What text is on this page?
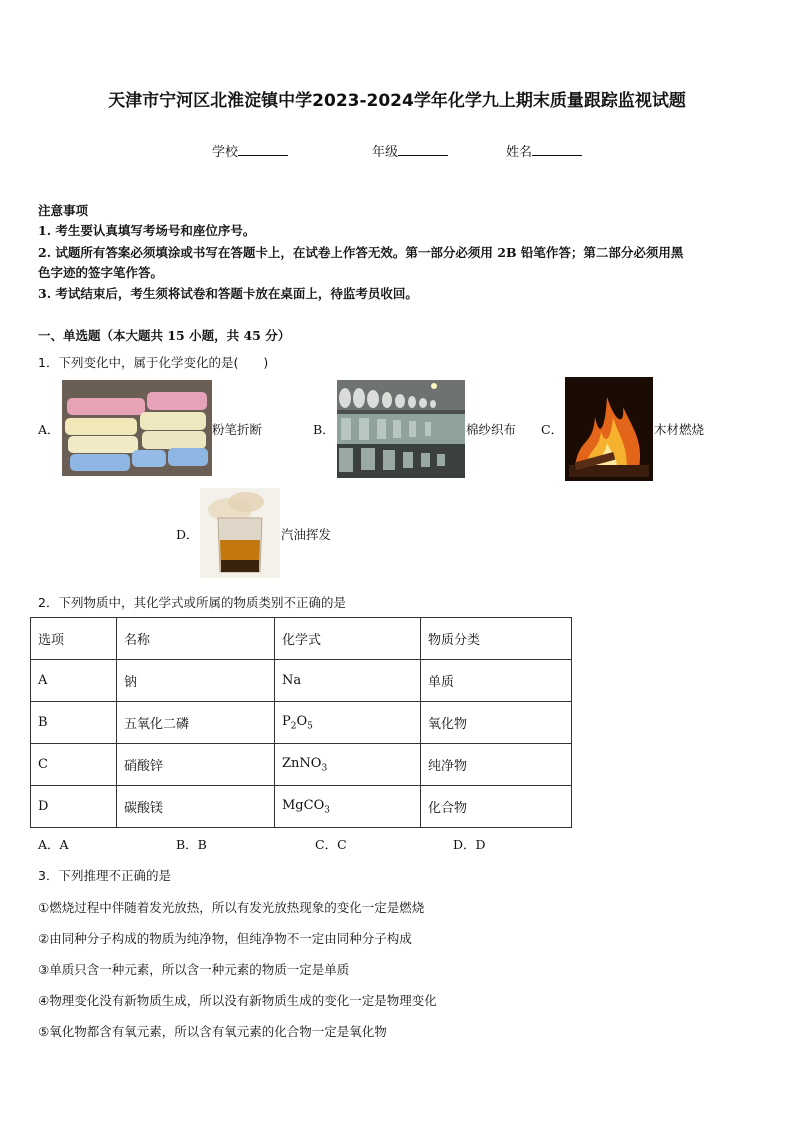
天津市宁河区北淮淀镇中学2023-2024学年化学九上期末质量跟踪监视试题
学校	年级	姓名
注意事项
1. 考生要认真填写考场号和座位序号。
2. 试题所有答案必须填涂或书写在答题卡上，在试卷上作答无效。第一部分必须用 2B 铅笔作答；第二部分必须用黑
色字迹的签字笔作答。
3. 考试结束后，考生须将试卷和答题卡放在桌面上，待监考员收回。
一、单选题（本大题共 15 小题，共 45 分）
1．下列变化中，属于化学变化的是(　　)
A．	粉笔折断	B．	棉纱织布 C．	木材燃烧
D．	汽油挥发
2．下列物质中，其化学式或所属的物质类别不正确的是
选项	名称	化学式	物质分类
A	钠	Na	单质
B	五氧化二磷	$P_2O_5$	氧化物
C	硝酸锌	ZnNO$_3$	纯净物
D	碳酸镁	MgCO$_3$	化合物
A．A	B．B	C．C	D．D
3．下列推理不正确的是
①燃烧过程中伴随着发光放热，所以有发光放热现象的变化一定是燃烧
②由同种分子构成的物质为纯净物，但纯净物不一定由同种分子构成
③单质只含一种元素，所以含一种元素的物质一定是单质
④物理变化没有新物质生成，所以没有新物质生成的变化一定是物理变化
⑤氧化物都含有氧元素，所以含有氧元素的化合物一定是氧化物
